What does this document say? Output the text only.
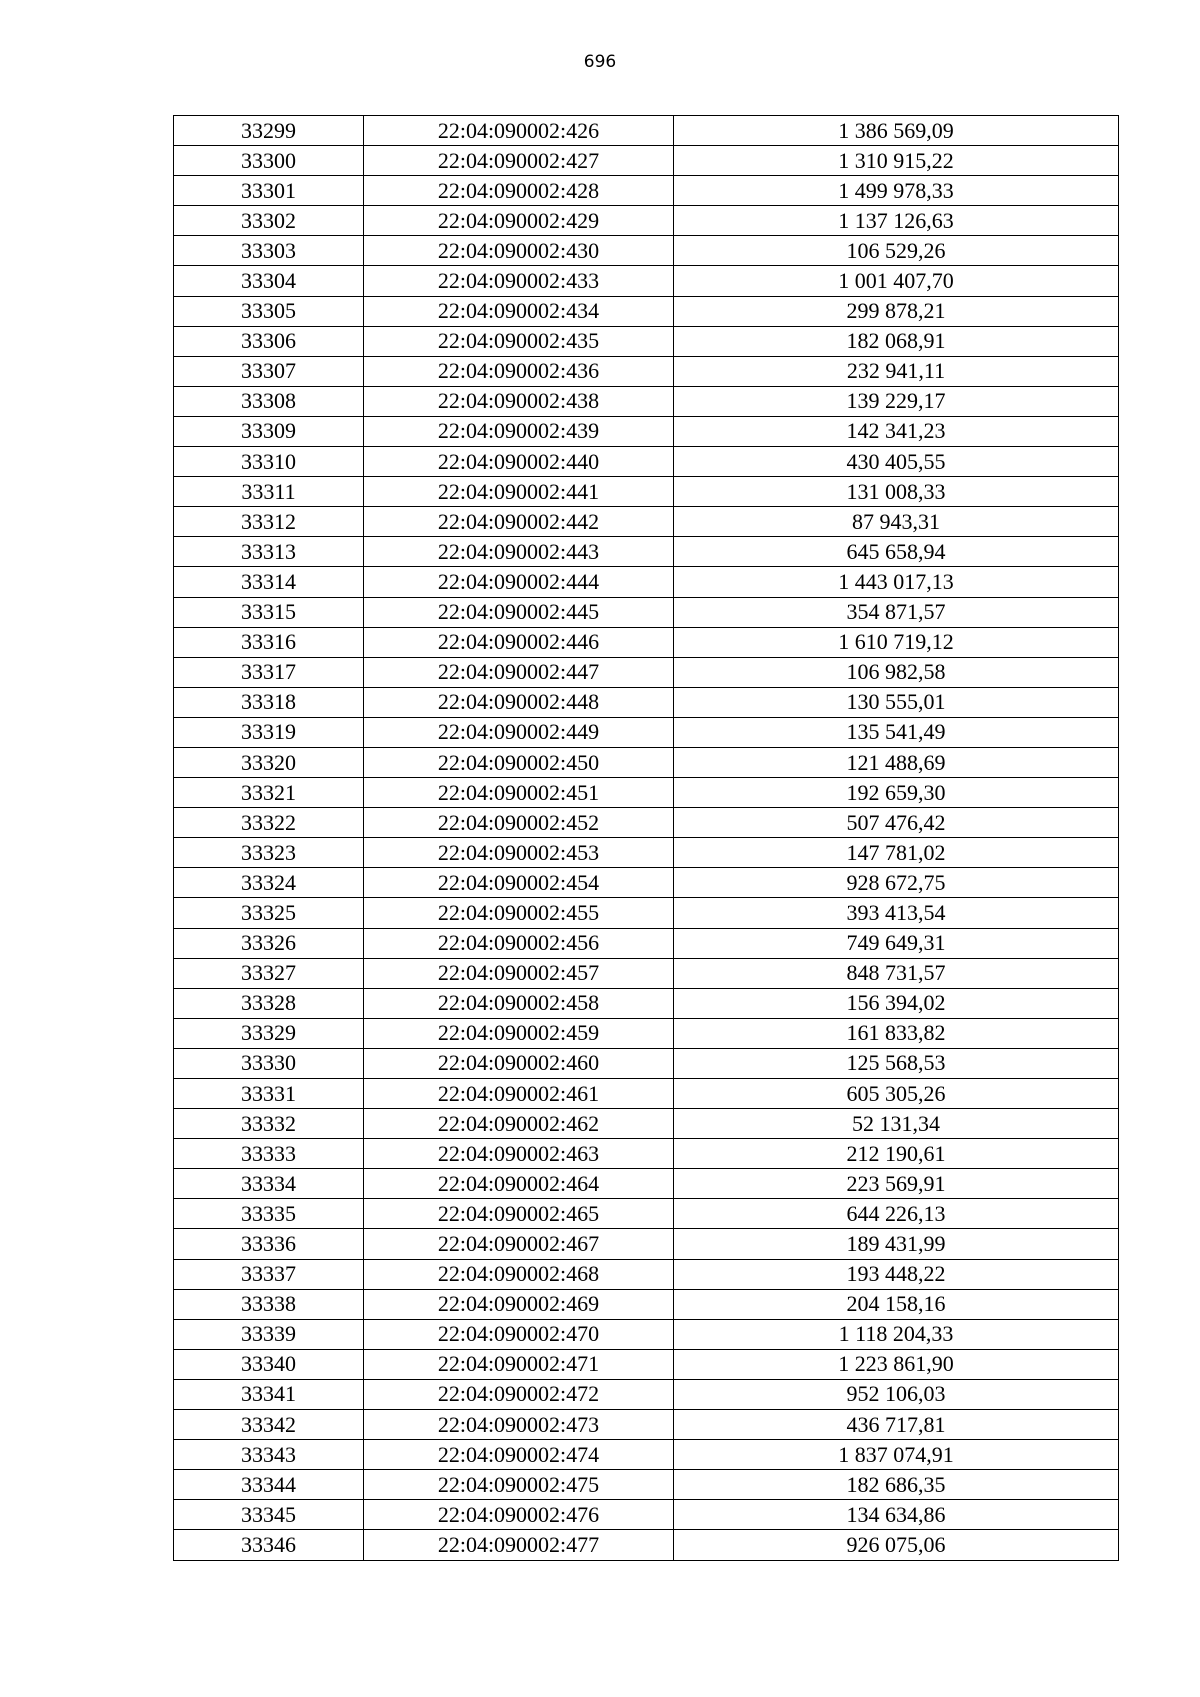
696
33299	22:04:090002:426	1 386 569,09
33300	22:04:090002:427	1 310 915,22
33301	22:04:090002:428	1 499 978,33
33302	22:04:090002:429	1 137 126,63
33303	22:04:090002:430	106 529,26
33304	22:04:090002:433	1 001 407,70
33305	22:04:090002:434	299 878,21
33306	22:04:090002:435	182 068,91
33307	22:04:090002:436	232 941,11
33308	22:04:090002:438	139 229,17
33309	22:04:090002:439	142 341,23
33310	22:04:090002:440	430 405,55
33311	22:04:090002:441	131 008,33
33312	22:04:090002:442	87 943,31
33313	22:04:090002:443	645 658,94
33314	22:04:090002:444	1 443 017,13
33315	22:04:090002:445	354 871,57
33316	22:04:090002:446	1 610 719,12
33317	22:04:090002:447	106 982,58
33318	22:04:090002:448	130 555,01
33319	22:04:090002:449	135 541,49
33320	22:04:090002:450	121 488,69
33321	22:04:090002:451	192 659,30
33322	22:04:090002:452	507 476,42
33323	22:04:090002:453	147 781,02
33324	22:04:090002:454	928 672,75
33325	22:04:090002:455	393 413,54
33326	22:04:090002:456	749 649,31
33327	22:04:090002:457	848 731,57
33328	22:04:090002:458	156 394,02
33329	22:04:090002:459	161 833,82
33330	22:04:090002:460	125 568,53
33331	22:04:090002:461	605 305,26
33332	22:04:090002:462	52 131,34
33333	22:04:090002:463	212 190,61
33334	22:04:090002:464	223 569,91
33335	22:04:090002:465	644 226,13
33336	22:04:090002:467	189 431,99
33337	22:04:090002:468	193 448,22
33338	22:04:090002:469	204 158,16
33339	22:04:090002:470	1 118 204,33
33340	22:04:090002:471	1 223 861,90
33341	22:04:090002:472	952 106,03
33342	22:04:090002:473	436 717,81
33343	22:04:090002:474	1 837 074,91
33344	22:04:090002:475	182 686,35
33345	22:04:090002:476	134 634,86
33346	22:04:090002:477	926 075,06
